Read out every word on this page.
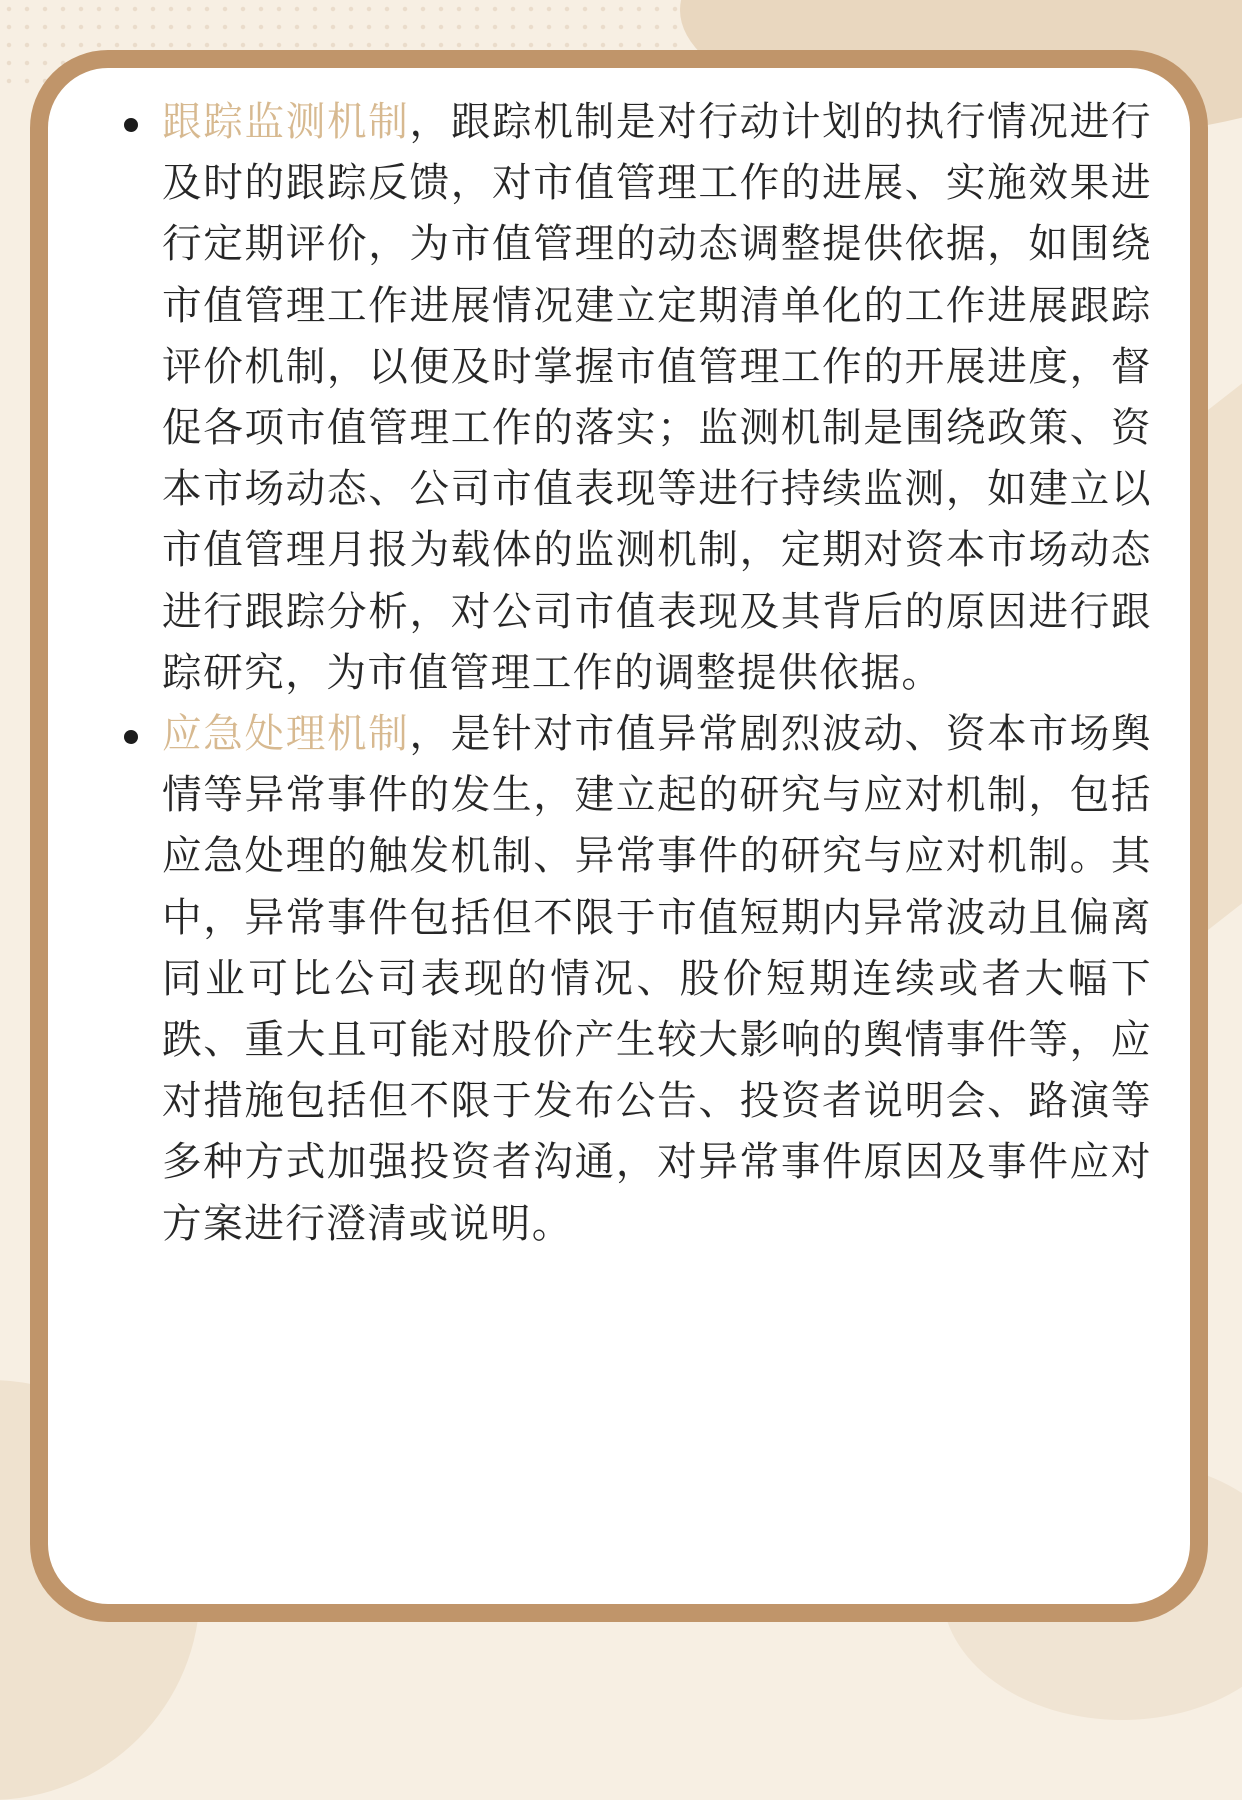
跟踪监测机制，跟踪机制是对行动计划的执行情况进行及时的跟踪反馈，对市值管理工作的进展、实施效果进行定期评价，为市值管理的动态调整提供依据，如围绕市值管理工作进展情况建立定期清单化的工作进展跟踪评价机制，以便及时掌握市值管理工作的开展进度，督促各项市值管理工作的落实；监测机制是围绕政策、资本市场动态、公司市值表现等进行持续监测，如建立以市值管理月报为载体的监测机制，定期对资本市场动态进行跟踪分析，对公司市值表现及其背后的原因进行跟踪研究，为市值管理工作的调整提供依据。

应急处理机制，是针对市值异常剧烈波动、资本市场舆情等异常事件的发生，建立起的研究与应对机制，包括应急处理的触发机制、异常事件的研究与应对机制。其中，异常事件包括但不限于市值短期内异常波动且偏离同业可比公司表现的情况、股价短期连续或者大幅下跌、重大且可能对股价产生较大影响的舆情事件等，应对措施包括但不限于发布公告、投资者说明会、路演等多种方式加强投资者沟通，对异常事件原因及事件应对方案进行澄清或说明。
